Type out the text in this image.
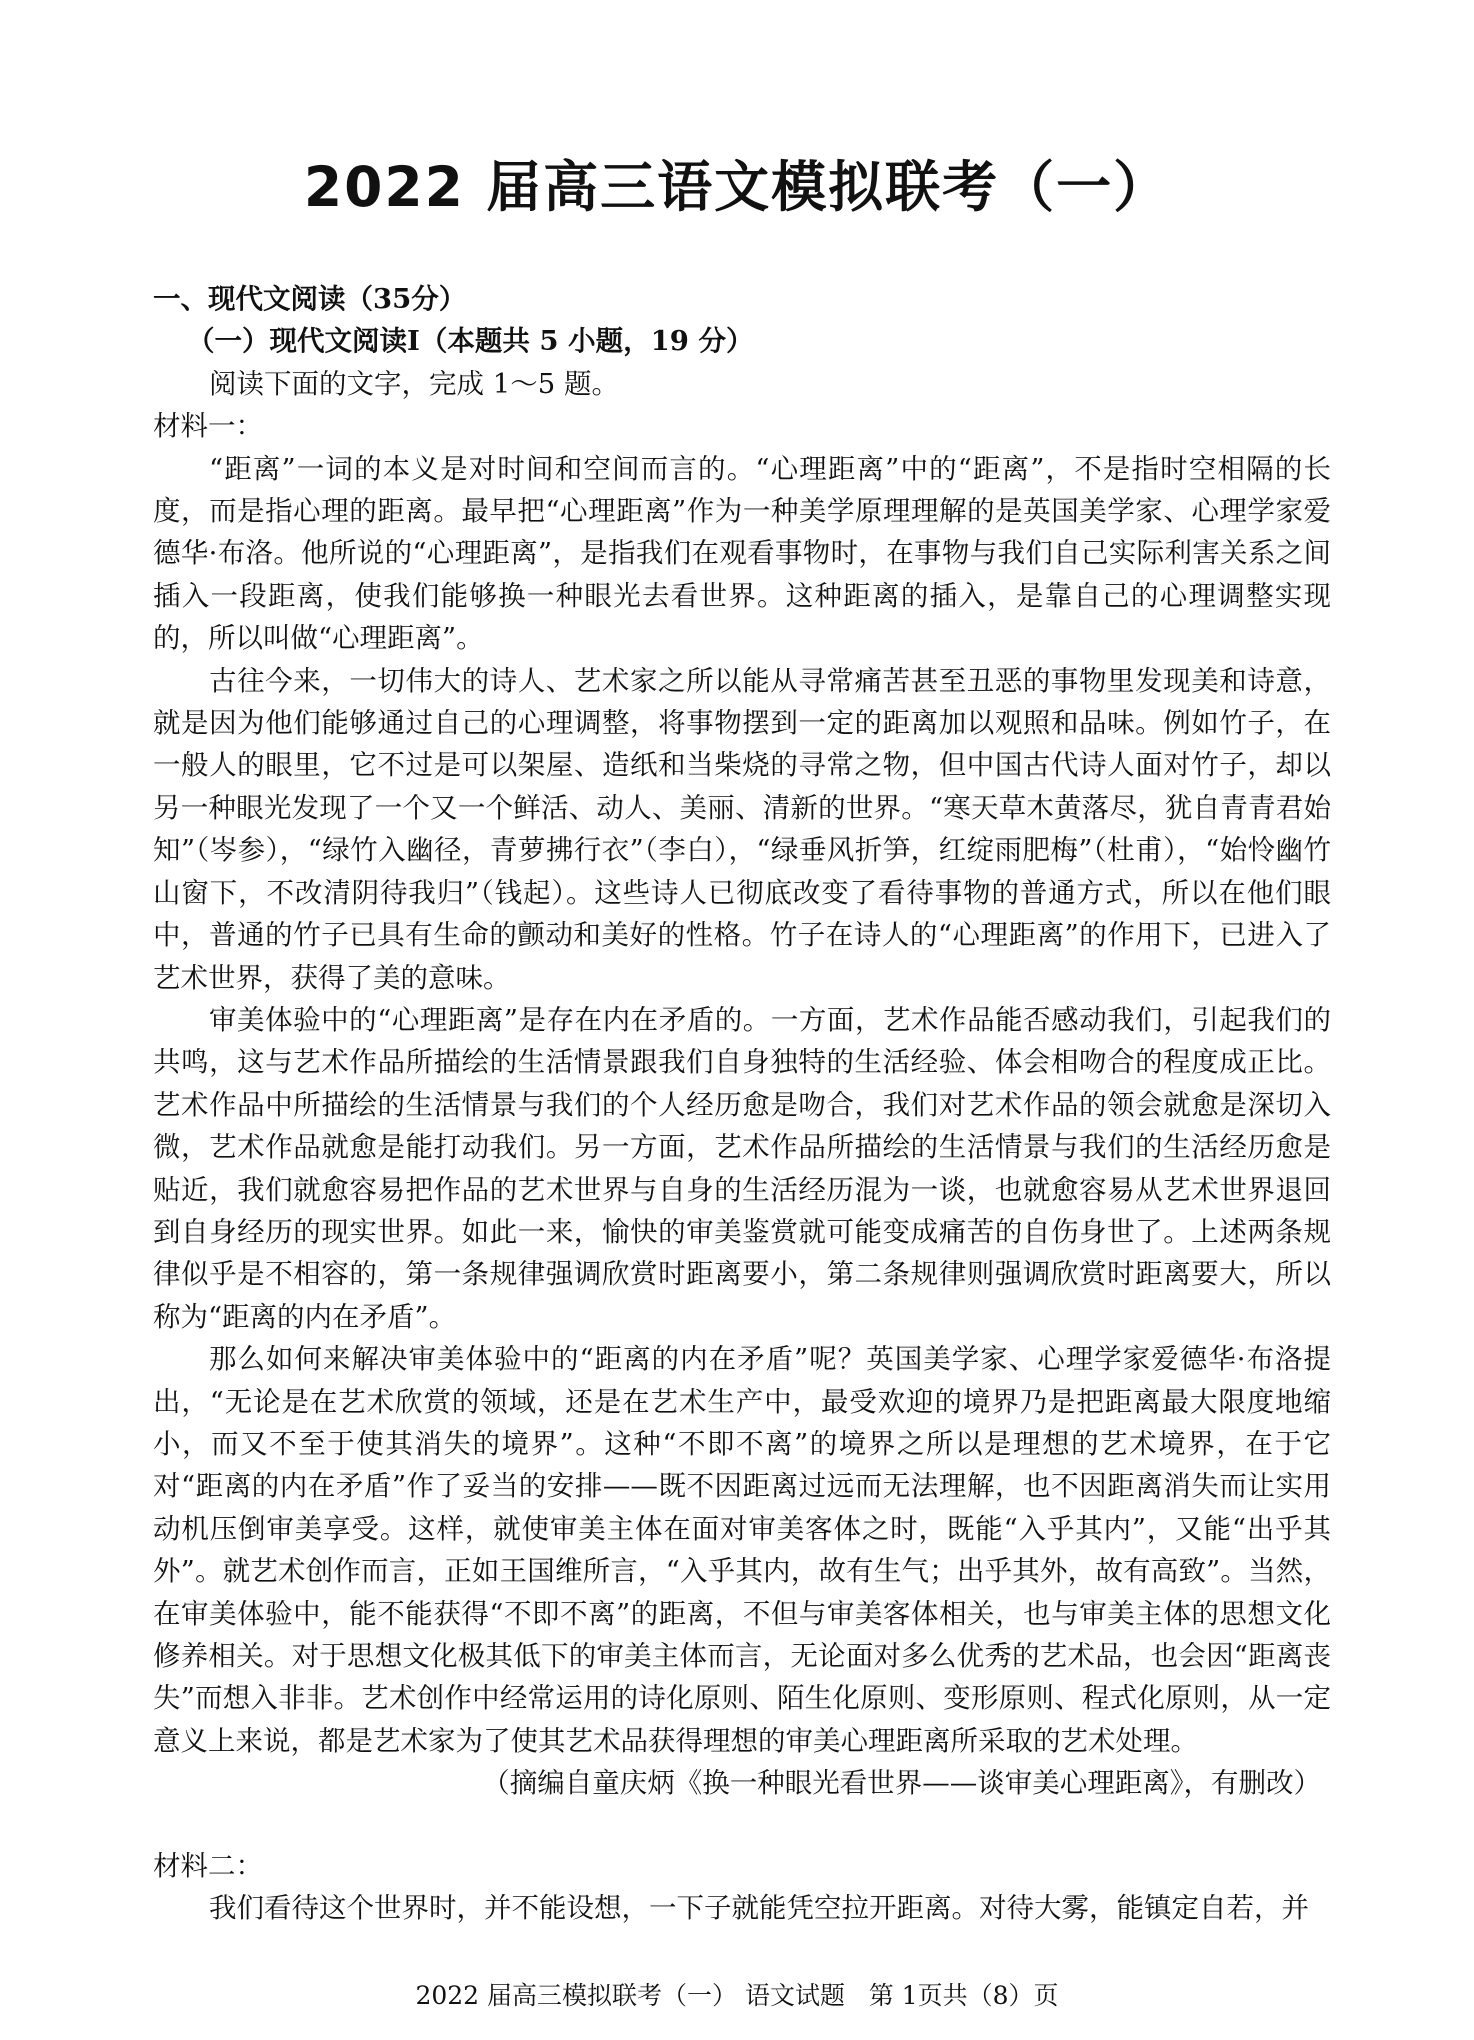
2022 届高三语文模拟联考（一）

一、现代文阅读（35分）

（一）现代文阅读Ⅰ（本题共 5 小题，19 分）

阅读下面的文字，完成 1～5 题。

材料一：

“距离”一词的本义是对时间和空间而言的。“心理距离”中的“距离”，不是指时空相隔的长度，而是指心理的距离。最早把“心理距离”作为一种美学原理理解的是英国美学家、心理学家爱德华·布洛。他所说的“心理距离”，是指我们在观看事物时，在事物与我们自己实际利害关系之间插入一段距离，使我们能够换一种眼光去看世界。这种距离的插入，是靠自己的心理调整实现的，所以叫做“心理距离”。

古往今来，一切伟大的诗人、艺术家之所以能从寻常痛苦甚至丑恶的事物里发现美和诗意，就是因为他们能够通过自己的心理调整，将事物摆到一定的距离加以观照和品味。例如竹子，在一般人的眼里，它不过是可以架屋、造纸和当柴烧的寻常之物，但中国古代诗人面对竹子，却以另一种眼光发现了一个又一个鲜活、动人、美丽、清新的世界。“寒天草木黄落尽，犹自青青君始知”（岑参），“绿竹入幽径，青萝拂行衣”（李白），“绿垂风折笋，红绽雨肥梅”（杜甫），“始怜幽竹山窗下，不改清阴待我归”（钱起）。这些诗人已彻底改变了看待事物的普通方式，所以在他们眼中，普通的竹子已具有生命的颤动和美好的性格。竹子在诗人的“心理距离”的作用下，已进入了艺术世界，获得了美的意味。

审美体验中的“心理距离”是存在内在矛盾的。一方面，艺术作品能否感动我们，引起我们的共鸣，这与艺术作品所描绘的生活情景跟我们自身独特的生活经验、体会相吻合的程度成正比。艺术作品中所描绘的生活情景与我们的个人经历愈是吻合，我们对艺术作品的领会就愈是深切入微，艺术作品就愈是能打动我们。另一方面，艺术作品所描绘的生活情景与我们的生活经历愈是贴近，我们就愈容易把作品的艺术世界与自身的生活经历混为一谈，也就愈容易从艺术世界退回到自身经历的现实世界。如此一来，愉快的审美鉴赏就可能变成痛苦的自伤身世了。上述两条规律似乎是不相容的，第一条规律强调欣赏时距离要小，第二条规律则强调欣赏时距离要大，所以称为“距离的内在矛盾”。

那么如何来解决审美体验中的“距离的内在矛盾”呢？英国美学家、心理学家爱德华·布洛提出，“无论是在艺术欣赏的领域，还是在艺术生产中，最受欢迎的境界乃是把距离最大限度地缩小，而又不至于使其消失的境界”。这种“不即不离”的境界之所以是理想的艺术境界，在于它对“距离的内在矛盾”作了妥当的安排——既不因距离过远而无法理解，也不因距离消失而让实用动机压倒审美享受。这样，就使审美主体在面对审美客体之时，既能“入乎其内”，又能“出乎其外”。就艺术创作而言，正如王国维所言，“入乎其内，故有生气；出乎其外，故有高致”。当然，在审美体验中，能不能获得“不即不离”的距离，不但与审美客体相关，也与审美主体的思想文化修养相关。对于思想文化极其低下的审美主体而言，无论面对多么优秀的艺术品，也会因“距离丧失”而想入非非。艺术创作中经常运用的诗化原则、陌生化原则、变形原则、程式化原则，从一定意义上来说，都是艺术家为了使其艺术品获得理想的审美心理距离所采取的艺术处理。

（摘编自童庆炳《换一种眼光看世界——谈审美心理距离》，有删改）

材料二：

我们看待这个世界时，并不能设想，一下子就能凭空拉开距离。对待大雾，能镇定自若，并

2022 届高三模拟联考（一） 语文试题   第 1页共（8）页
